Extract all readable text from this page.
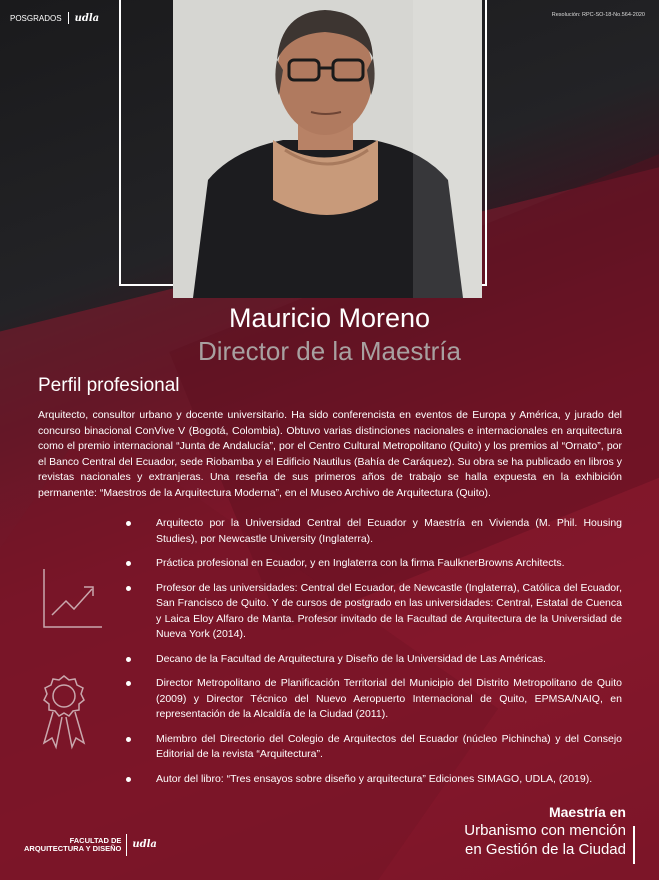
POSGRADOS udla	Resolución: RPC-SO-18-No.564-2020
Mauricio Moreno
Director de la Maestría
Perfil profesional
Arquitecto, consultor urbano y docente universitario. Ha sido conferencista en eventos de Europa y América, y jurado del concurso binacional ConVive V (Bogotá, Colombia). Obtuvo varias distinciones nacionales e internacionales en arquitectura como el premio internacional “Junta de Andalucía”, por el Centro Cultural Metropolitano (Quito) y los premios al “Ornato”, por el Banco Central del Ecuador, sede Riobamba y el Edificio Nautilus (Bahía de Caráquez). Su obra se ha publicado en libros y revistas nacionales y extranjeras. Una reseña de sus primeros años de trabajo se halla expuesta en la exhibición permanente: “Maestros de la Arquitectura Moderna”, en el Museo Archivo de Arquitectura (Quito).
Arquitecto por la Universidad Central del Ecuador y Maestría en Vivienda (M. Phil. Housing Studies), por Newcastle University (Inglaterra).
Práctica profesional en Ecuador, y en Inglaterra con la firma FaulknerBrowns Architects.
Profesor de las universidades: Central del Ecuador, de Newcastle (Inglaterra), Católica del Ecuador, San Francisco de Quito. Y de cursos de postgrado en las universidades: Central, Estatal de Cuenca y Laica Eloy Alfaro de Manta. Profesor invitado de la Facultad de Arquitectura de la Universidad de Nueva York (2014).
Decano de la Facultad de Arquitectura y Diseño de la Universidad de Las Américas.
Director Metropolitano de Planificación Territorial del Municipio del Distrito Metropolitano de Quito (2009) y Director Técnico del Nuevo Aeropuerto Internacional de Quito, EPMSA/NAIQ, en representación de la Alcaldía de la Ciudad (2011).
Miembro del Directorio del Colegio de Arquitectos del Ecuador (núcleo Pichincha) y del Consejo Editorial de la revista “Arquitectura”.
Autor del libro: “Tres ensayos sobre diseño y arquitectura” Ediciones SIMAGO, UDLA, (2019).
FACULTAD DE
ARQUITECTURA Y DISEÑO udla
Maestría en
Urbanismo con mención
en Gestión de la Ciudad
